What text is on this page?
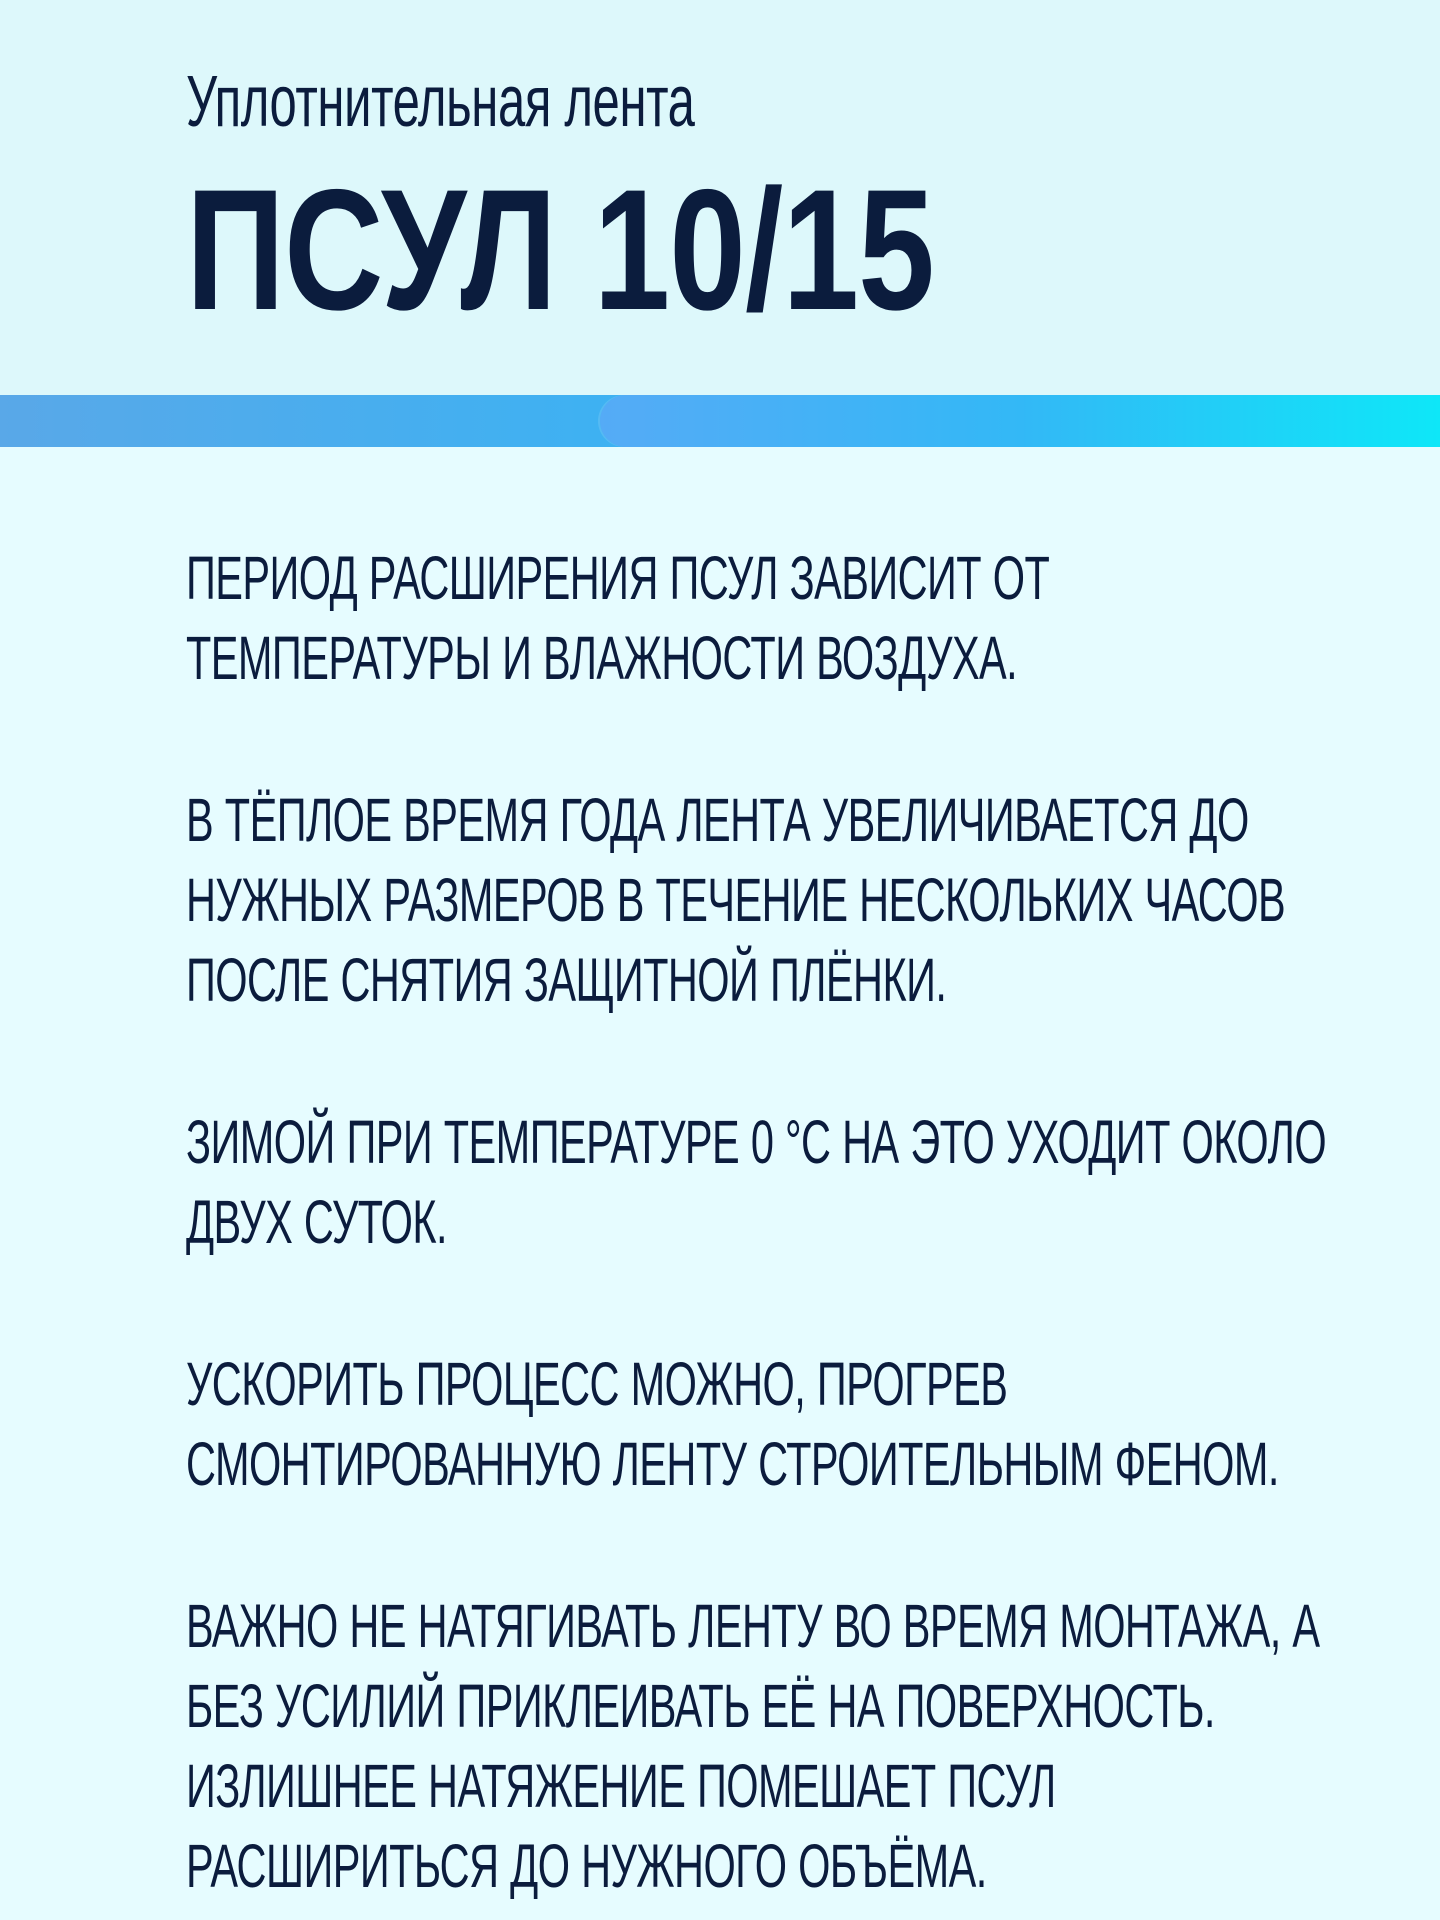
Уплотнительная лента
ПСУЛ 10/15

ПЕРИОД РАСШИРЕНИЯ ПСУЛ ЗАВИСИТ ОТ ТЕМПЕРАТУРЫ И ВЛАЖНОСТИ ВОЗДУХА.

В ТЁПЛОЕ ВРЕМЯ ГОДА ЛЕНТА УВЕЛИЧИВАЕТСЯ ДО НУЖНЫХ РАЗМЕРОВ В ТЕЧЕНИЕ НЕСКОЛЬКИХ ЧАСОВ ПОСЛЕ СНЯТИЯ ЗАЩИТНОЙ ПЛЁНКИ.

ЗИМОЙ ПРИ ТЕМПЕРАТУРЕ 0 °С НА ЭТО УХОДИТ ОКОЛО ДВУХ СУТОК.

УСКОРИТЬ ПРОЦЕСС МОЖНО, ПРОГРЕВ СМОНТИРОВАННУЮ ЛЕНТУ СТРОИТЕЛЬНЫМ ФЕНОМ.

ВАЖНО НЕ НАТЯГИВАТЬ ЛЕНТУ ВО ВРЕМЯ МОНТАЖА, А БЕЗ УСИЛИЙ ПРИКЛЕИВАТЬ ЕЁ НА ПОВЕРХНОСТЬ. ИЗЛИШНЕЕ НАТЯЖЕНИЕ ПОМЕШАЕТ ПСУЛ РАСШИРИТЬСЯ ДО НУЖНОГО ОБЪЁМА.
